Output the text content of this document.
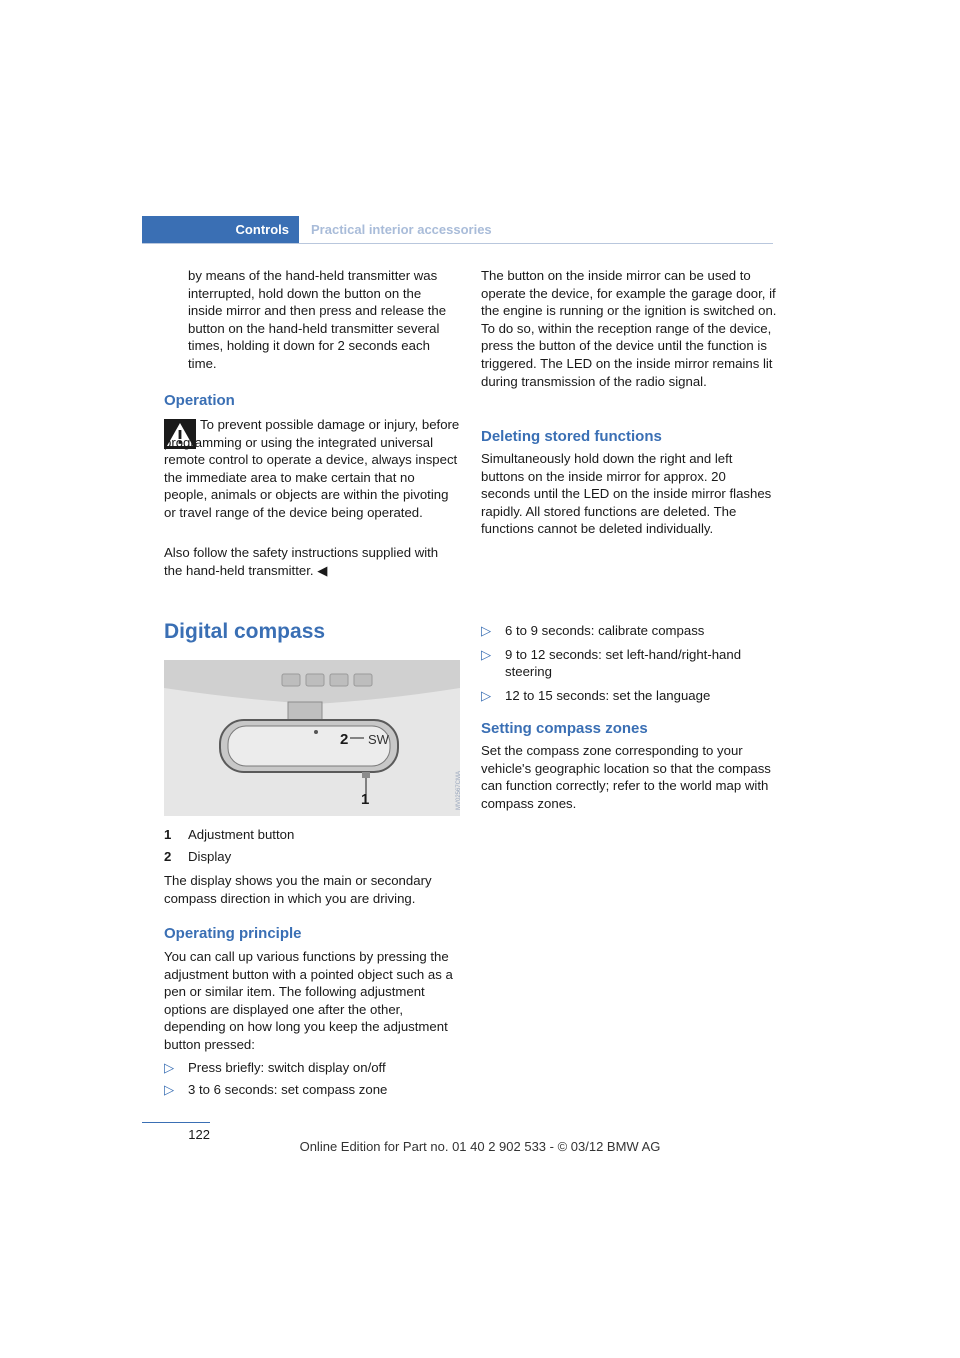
Controls	Practical interior accessories

by means of the hand-held transmitter was interrupted, hold down the button on the inside mirror and then press and release the button on the hand-held transmitter several times, holding it down for 2 seconds each time.

Operation

To prevent possible damage or injury, before programming or using the integrated universal remote control to operate a device, always inspect the immediate area to make certain that no people, animals or objects are within the pivoting or travel range of the device being operated.

Also follow the safety instructions supplied with the hand-held transmitter. ◀

The button on the inside mirror can be used to operate the device, for example the garage door, if the engine is running or the ignition is switched on. To do so, within the reception range of the device, press the button of the device until the function is triggered. The LED on the inside mirror remains lit during transmission of the radio signal.

Deleting stored functions

Simultaneously hold down the right and left buttons on the inside mirror for approx. 20 seconds until the LED on the inside mirror flashes rapidly. All stored functions are deleted. The functions cannot be deleted individually.

Digital compass
2 SW
1	MV02567CMA
1 Adjustment button
2 Display

The display shows you the main or secondary compass direction in which you are driving.

Operating principle

You can call up various functions by pressing the adjustment button with a pointed object such as a pen or similar item. The following adjustment options are displayed one after the other, depending on how long you keep the adjustment button pressed:

▷ Press briefly: switch display on/off
▷ 3 to 6 seconds: set compass zone
▷ 6 to 9 seconds: calibrate compass
▷ 9 to 12 seconds: set left-hand/right-hand steering
▷ 12 to 15 seconds: set the language
Setting compass zones

Set the compass zone corresponding to your vehicle's geographic location so that the compass can function correctly; refer to the world map with compass zones.

122
Online Edition for Part no. 01 40 2 902 533 - © 03/12 BMW AG
